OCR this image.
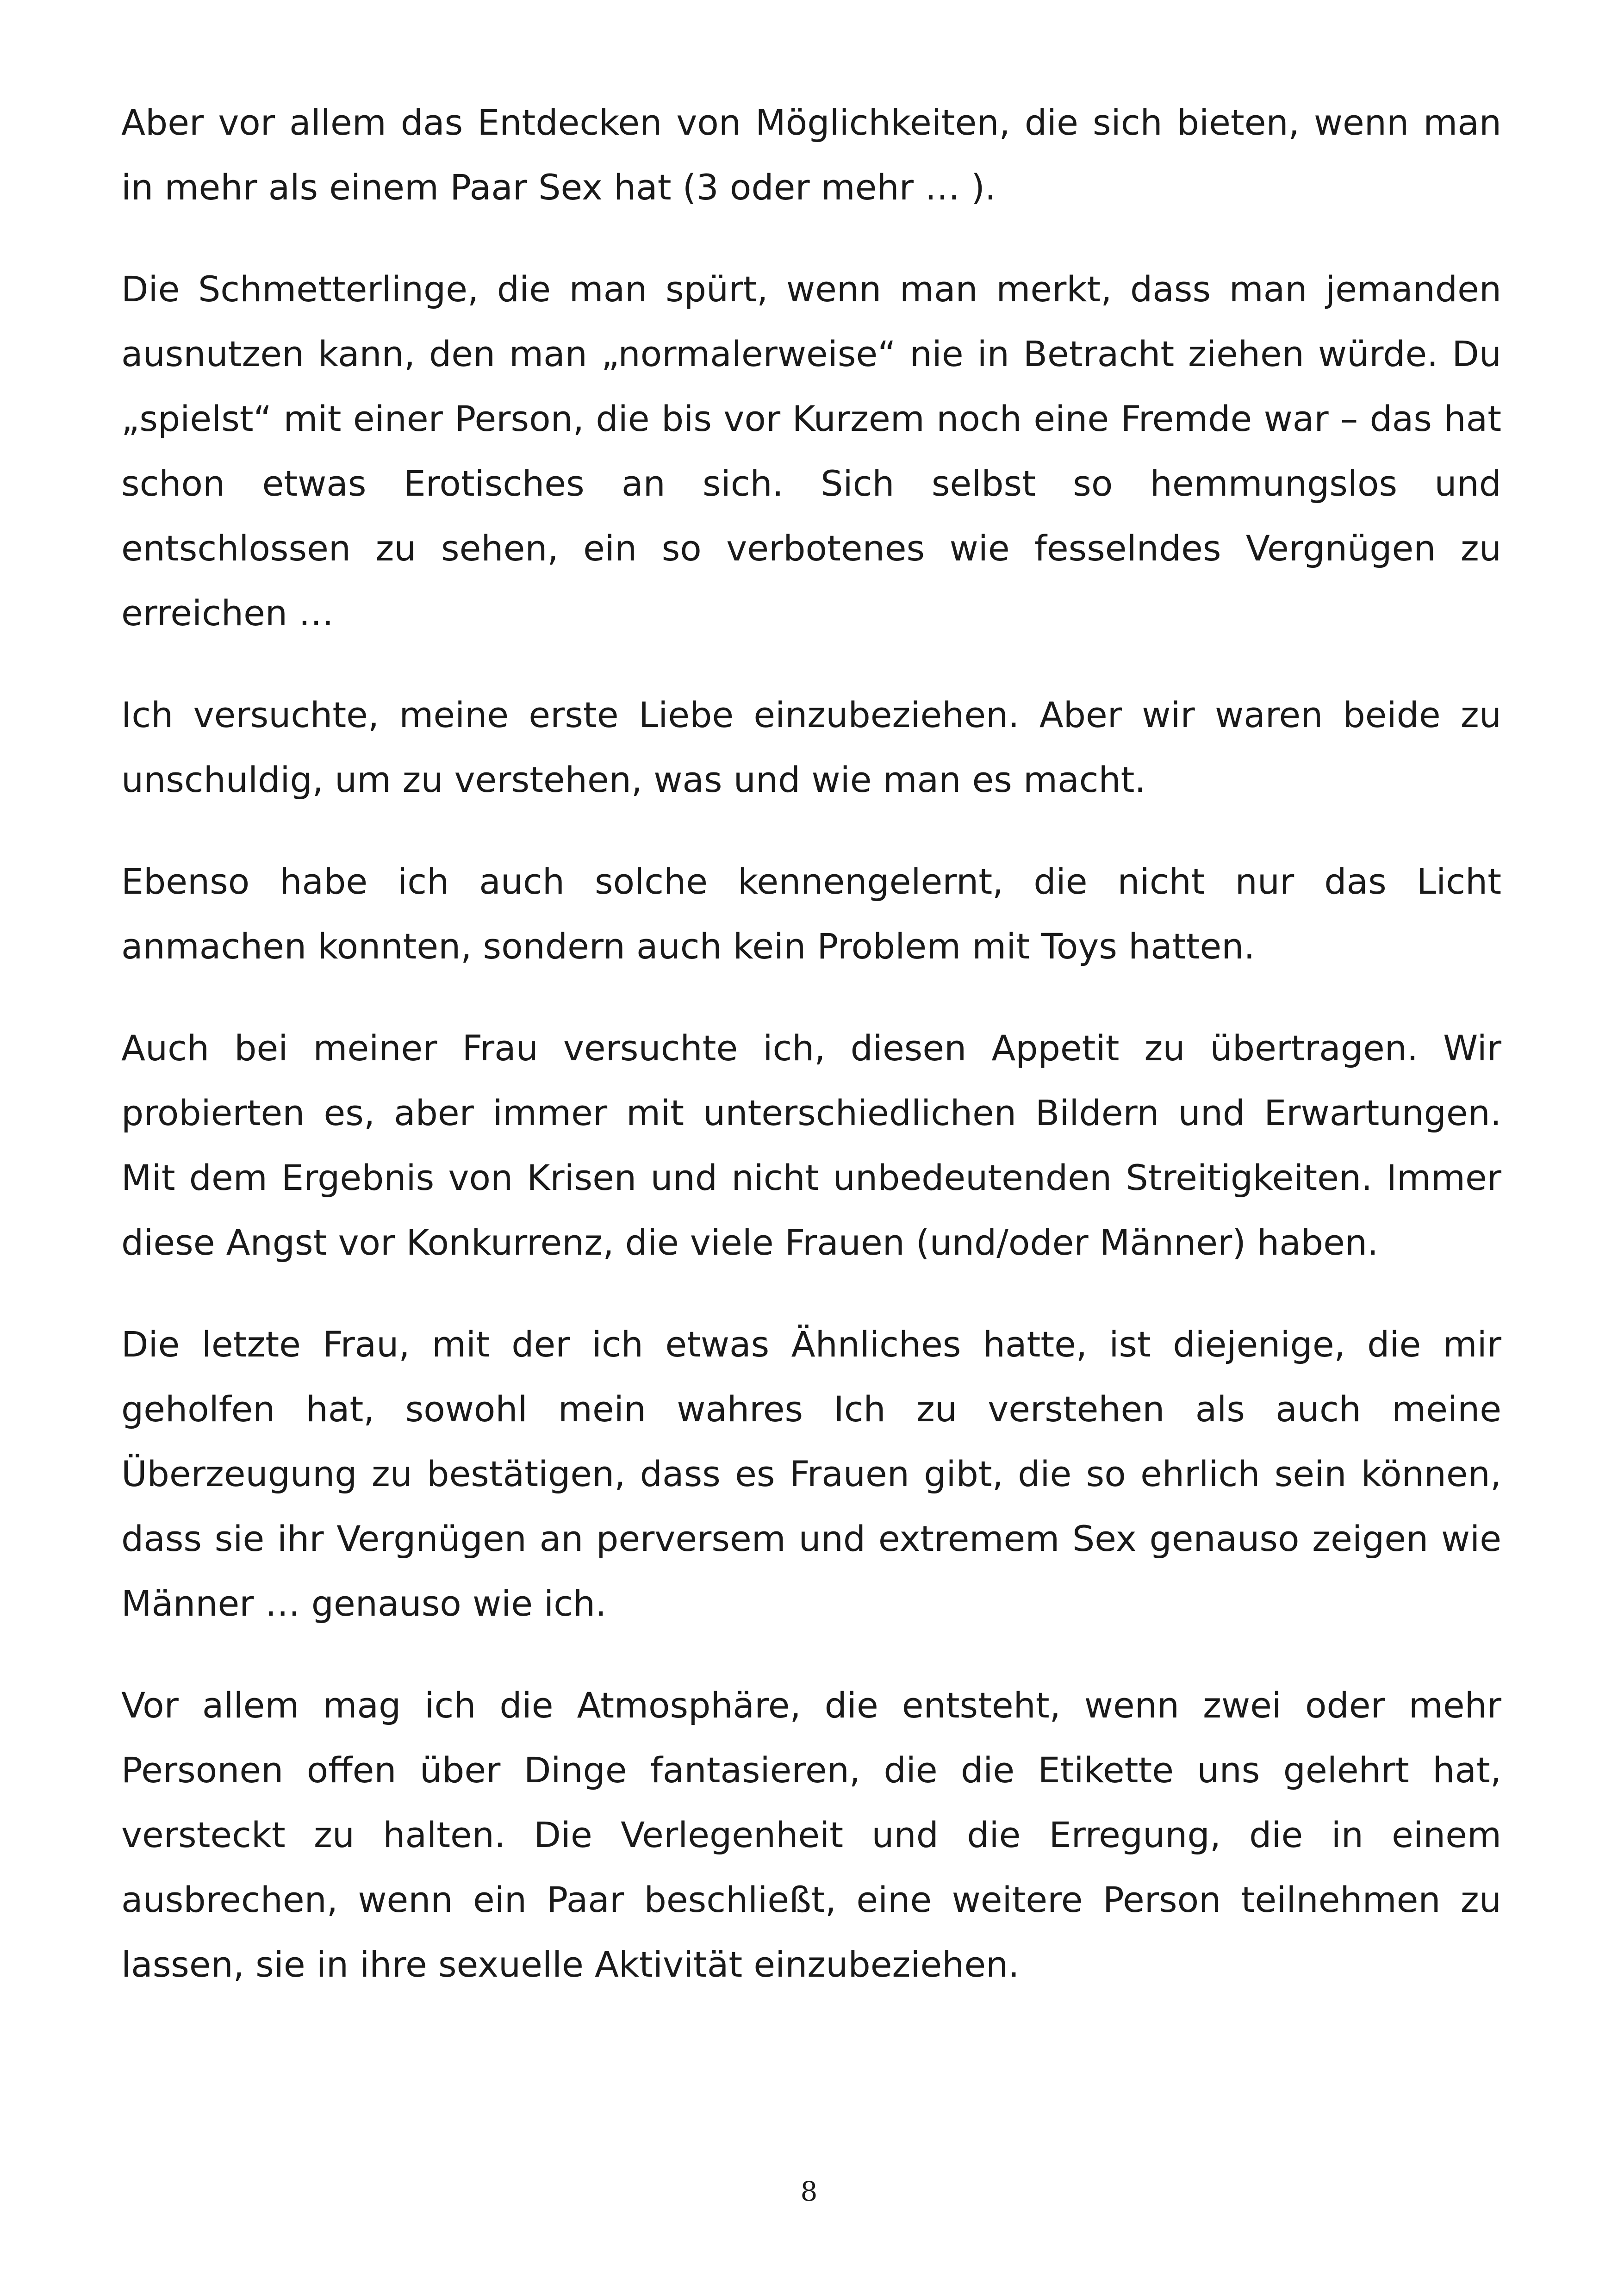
Aber vor allem das Entdecken von Möglichkeiten, die sich bieten, wenn man in mehr als einem Paar Sex hat (3 oder mehr … ).

Die Schmetterlinge, die man spürt, wenn man merkt, dass man jemanden ausnutzen kann, den man „normalerweise“ nie in Betracht ziehen würde. Du „spielst“ mit einer Person, die bis vor Kurzem noch eine Fremde war – das hat schon etwas Erotisches an sich. Sich selbst so hemmungslos und entschlossen zu sehen, ein so verbotenes wie fesselndes Vergnügen zu erreichen …

Ich versuchte, meine erste Liebe einzubeziehen. Aber wir waren beide zu unschuldig, um zu verstehen, was und wie man es macht.

Ebenso habe ich auch solche kennengelernt, die nicht nur das Licht anmachen konnten, sondern auch kein Problem mit Toys hatten.

Auch bei meiner Frau versuchte ich, diesen Appetit zu übertragen. Wir probierten es, aber immer mit unterschiedlichen Bildern und Erwartungen. Mit dem Ergebnis von Krisen und nicht unbedeutenden Streitigkeiten. Immer diese Angst vor Konkurrenz, die viele Frauen (und/oder Männer) haben.

Die letzte Frau, mit der ich etwas Ähnliches hatte, ist diejenige, die mir geholfen hat, sowohl mein wahres Ich zu verstehen als auch meine Überzeugung zu bestätigen, dass es Frauen gibt, die so ehrlich sein können, dass sie ihr Vergnügen an perversem und extremem Sex genauso zeigen wie Männer … genauso wie ich.

Vor allem mag ich die Atmosphäre, die entsteht, wenn zwei oder mehr Personen offen über Dinge fantasieren, die die Etikette uns gelehrt hat, versteckt zu halten. Die Verlegenheit und die Erregung, die in einem ausbrechen, wenn ein Paar beschließt, eine weitere Person teilnehmen zu lassen, sie in ihre sexuelle Aktivität einzubeziehen.

8
